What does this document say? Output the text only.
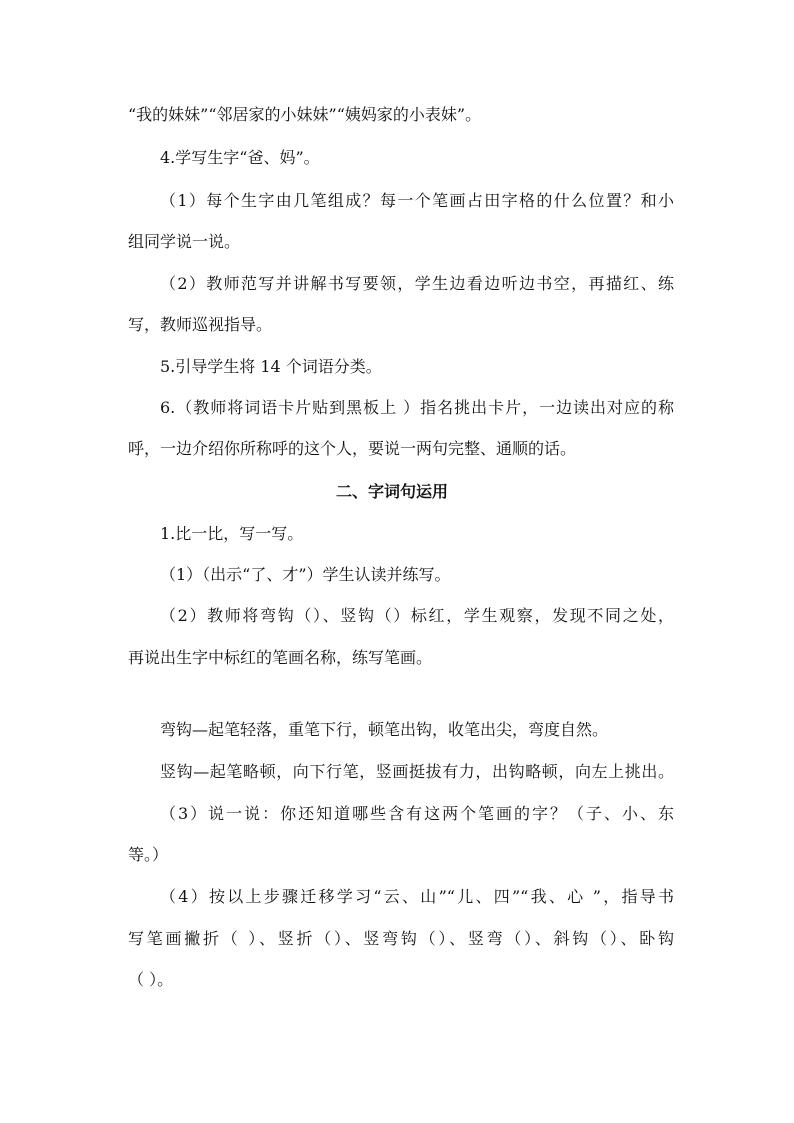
“我的妹妹”“邻居家的小妹妹”“姨妈家的小表妹”。
4.学写生字“爸、妈”。
（1）每个生字由几笔组成？每一个笔画占田字格的什么位置？和小
组同学说一说。
（2）教师范写并讲解书写要领，学生边看边听边书空，再描红、练
写，教师巡视指导。
5.引导学生将 14 个词语分类。
6.（教师将词语卡片贴到黑板上 ）指名挑出卡片，一边读出对应的称
呼，一边介绍你所称呼的这个人，要说一两句完整、通顺的话。
二、字词句运用
1.比一比，写一写。
（1）（出示“了、才”）学生认读并练写。
（2）教师将弯钩（）、竖钩（）标红，学生观察，发现不同之处，
再说出生字中标红的笔画名称，练写笔画。
弯钩—起笔轻落，重笔下行，顿笔出钩，收笔出尖，弯度自然。
竖钩—起笔略顿，向下行笔，竖画挺拔有力，出钩略顿，向左上挑出。
（3）说一说：你还知道哪些含有这两个笔画的字？（子、小、东
等。）
（4）按以上步骤迁移学习“云、山”“儿、四”“我、心 ”，指导书
写笔画撇折（ ）、竖折（）、竖弯钩（）、竖弯（）、斜钩（）、卧钩
（ ）。
